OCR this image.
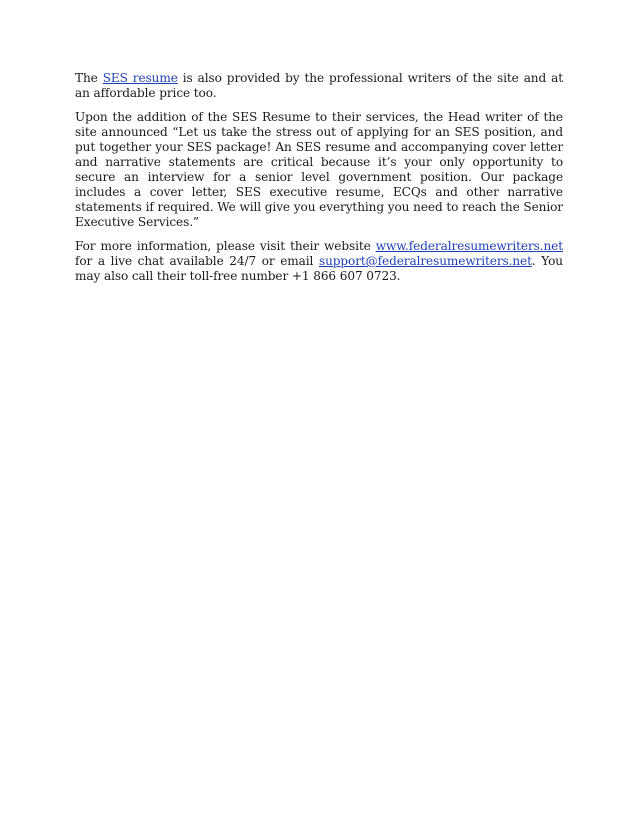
The SES resume is also provided by the professional writers of the site and at an affordable price too.

Upon the addition of the SES Resume to their services, the Head writer of the site announced “Let us take the stress out of applying for an SES position, and put together your SES package! An SES resume and accompanying cover letter and narrative statements are critical because it’s your only opportunity to secure an interview for a senior level government position. Our package includes a cover letter, SES executive resume, ECQs and other narrative statements if required. We will give you everything you need to reach the Senior Executive Services.”

For more information, please visit their website www.federalresumewriters.net for a live chat available 24/7 or email support@federalresumewriters.net. You may also call their toll-free number +1 866 607 0723.
